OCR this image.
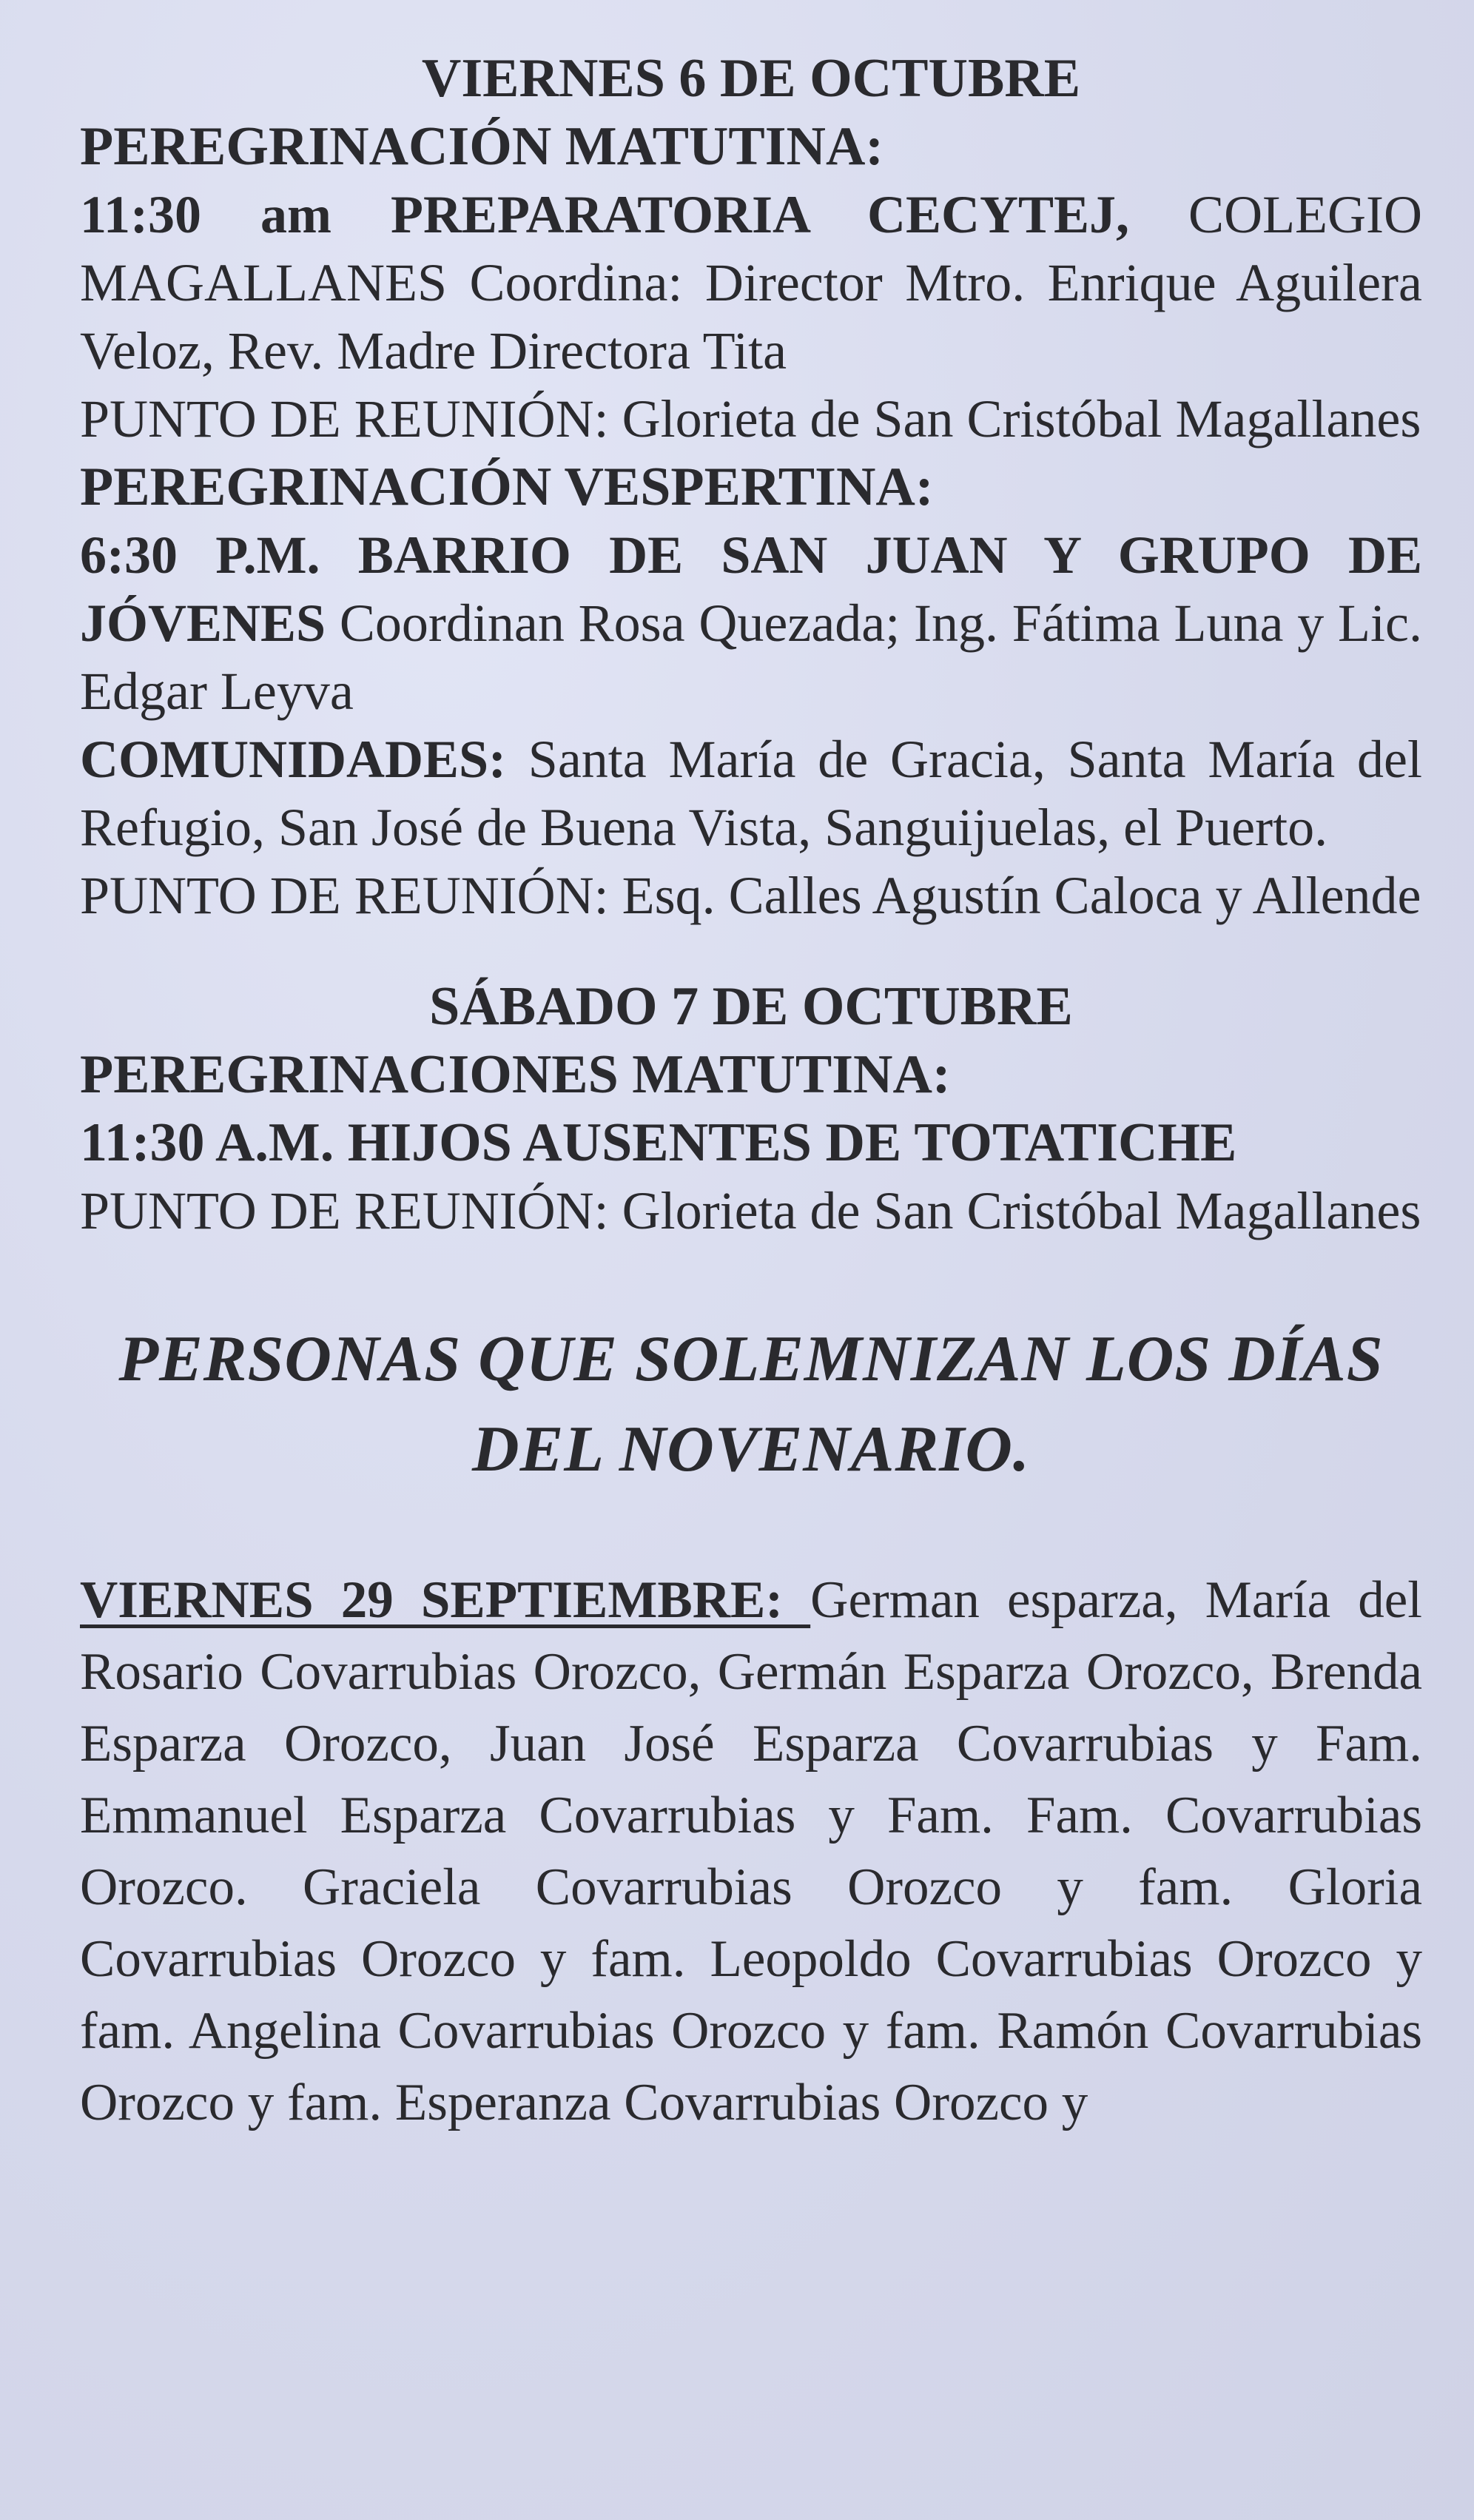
VIERNES 6 DE OCTUBRE
PEREGRINACIÓN MATUTINA:
11:30 am PREPARATORIA CECYTEJ, COLEGIO MAGALLANES Coordina: Director Mtro. Enrique Aguilera Veloz, Rev. Madre Directora Tita
PUNTO DE REUNIÓN: Glorieta de San Cristóbal Magallanes
PEREGRINACIÓN VESPERTINA:
6:30 P.M. BARRIO DE SAN JUAN Y GRUPO DE JÓVENES Coordinan Rosa Quezada; Ing. Fátima Luna y Lic. Edgar Leyva
COMUNIDADES: Santa María de Gracia, Santa María del Refugio, San José de Buena Vista, Sanguijuelas, el Puerto.
PUNTO DE REUNIÓN: Esq. Calles Agustín Caloca y Allende
SÁBADO 7 DE OCTUBRE
PEREGRINACIONES MATUTINA:
11:30 A.M. HIJOS AUSENTES DE TOTATICHE
PUNTO DE REUNIÓN: Glorieta de San Cristóbal Magallanes
PERSONAS QUE SOLEMNIZAN LOS DÍAS
DEL NOVENARIO.
VIERNES 29 SEPTIEMBRE: German esparza, María del Rosario Covarrubias Orozco, Germán Esparza Orozco, Brenda Esparza Orozco, Juan José Esparza Covarrubias y Fam. Emmanuel Esparza Covarrubias y Fam. Fam. Covarrubias Orozco. Graciela Covarrubias Orozco y fam. Gloria Covarrubias Orozco y fam. Leopoldo Covarrubias Orozco y fam. Angelina Covarrubias Orozco y fam. Ramón Covarrubias Orozco y fam. Esperanza Covarrubias Orozco y
